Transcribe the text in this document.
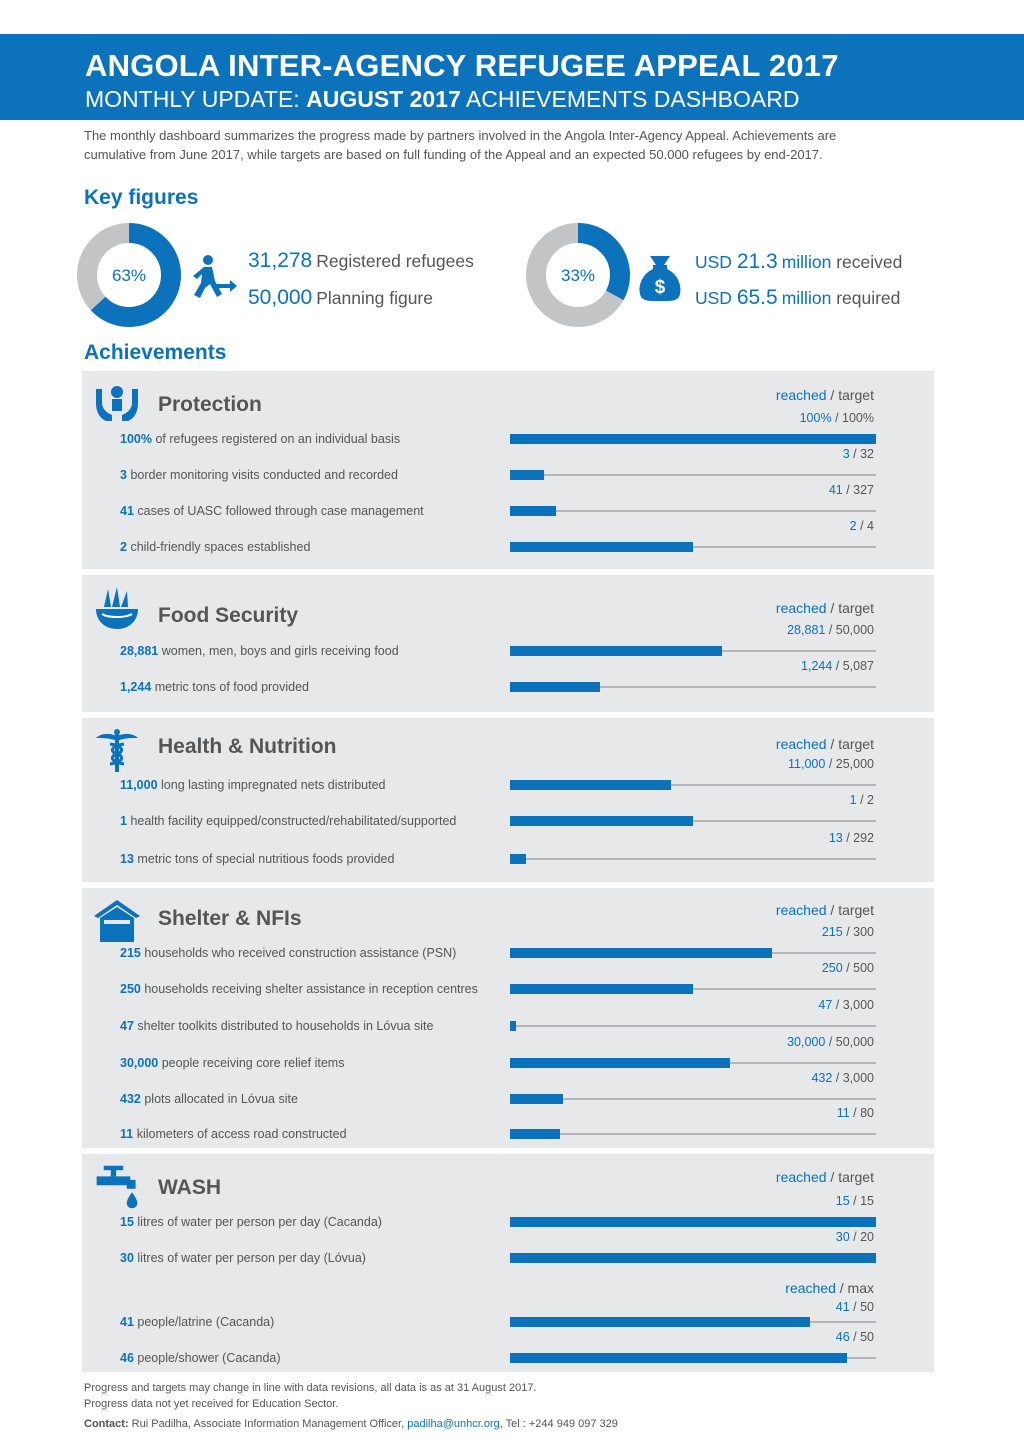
ANGOLA INTER-AGENCY REFUGEE APPEAL 2017
MONTHLY UPDATE: AUGUST 2017 ACHIEVEMENTS DASHBOARD
The monthly dashboard summarizes the progress made by partners involved in the Angola Inter-Agency Appeal. Achievements are cumulative from June 2017, while targets are based on full funding of the Appeal and an expected 50.000 refugees by end-2017.
Key figures
63%
31,278 Registered refugees
50,000 Planning figure
33%
$
USD 21.3 million received
USD 65.5 million required
Achievements
Protection	reached / target
100% of refugees registered on an individual basis
100% / 100%
3 border monitoring visits conducted and recorded
3 / 32
41 cases of UASC followed through case management
41 / 327
2 child-friendly spaces established
2 / 4
Food Security	reached / target
28,881 women, men, boys and girls receiving food
28,881 / 50,000
1,244 metric tons of food provided
1,244 / 5,087
Health & Nutrition	reached / target
11,000 long lasting impregnated nets distributed
11,000 / 25,000
1 health facility equipped/constructed/rehabilitated/supported
1 / 2
13 metric tons of special nutritious foods provided
13 / 292
Shelter & NFIs	reached / target
215 households who received construction assistance (PSN)
215 / 300
250 households receiving shelter assistance in reception centres
250 / 500
47 shelter toolkits distributed to households in Lóvua site
47 / 3,000
30,000 people receiving core relief items
30,000 / 50,000
432 plots allocated in Lóvua site
432 / 3,000
11 kilometers of access road constructed
11 / 80
WASH	reached / target
15 litres of water per person per day (Cacanda)
15 / 15
30 litres of water per person per day (Lóvua)
30 / 20
reached / max
41 people/latrine (Cacanda)
41 / 50
46 people/shower (Cacanda)
46 / 50
Progress and targets may change in line with data revisions, all data is as at 31 August 2017.
Progress data not yet received for Education Sector.
Contact: Rui Padilha, Associate Information Management Officer, padilha@unhcr.org, Tel : +244 949 097 329
